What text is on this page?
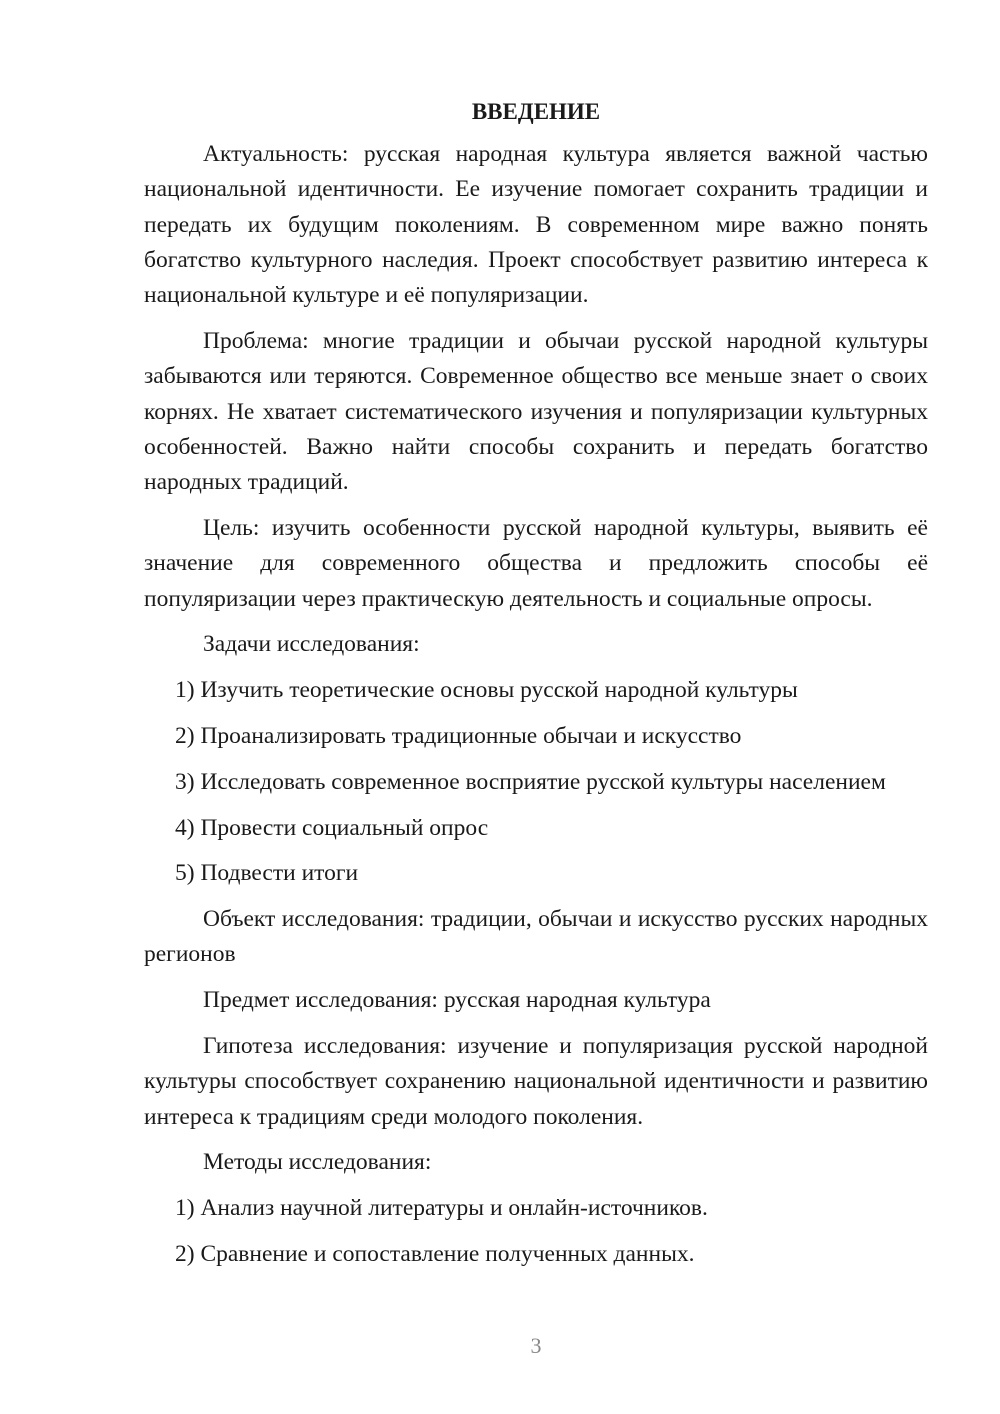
ВВЕДЕНИЕ

Актуальность: русская народная культура является важной частью национальной идентичности. Ее изучение помогает сохранить традиции и передать их будущим поколениям. В современном мире важно понять богатство культурного наследия. Проект способствует развитию интереса к национальной культуре и её популяризации.

Проблема: многие традиции и обычаи русской народной культуры забываются или теряются. Современное общество все меньше знает о своих корнях. Не хватает систематического изучения и популяризации культурных особенностей. Важно найти способы сохранить и передать богатство народных традиций.

Цель: изучить особенности русской народной культуры, выявить её значение для современного общества и предложить способы её популяризации через практическую деятельность и социальные опросы.

Задачи исследования:

1) Изучить теоретические основы русской народной культуры
2) Проанализировать традиционные обычаи и искусство
3) Исследовать современное восприятие русской культуры населением
4) Провести социальный опрос
5) Подвести итоги

Объект исследования: традиции, обычаи и искусство русских народных регионов

Предмет исследования: русская народная культура

Гипотеза исследования: изучение и популяризация русской народной культуры способствует сохранению национальной идентичности и развитию интереса к традициям среди молодого поколения.

Методы исследования:

1) Анализ научной литературы и онлайн-источников.
2) Сравнение и сопоставление полученных данных.
3
